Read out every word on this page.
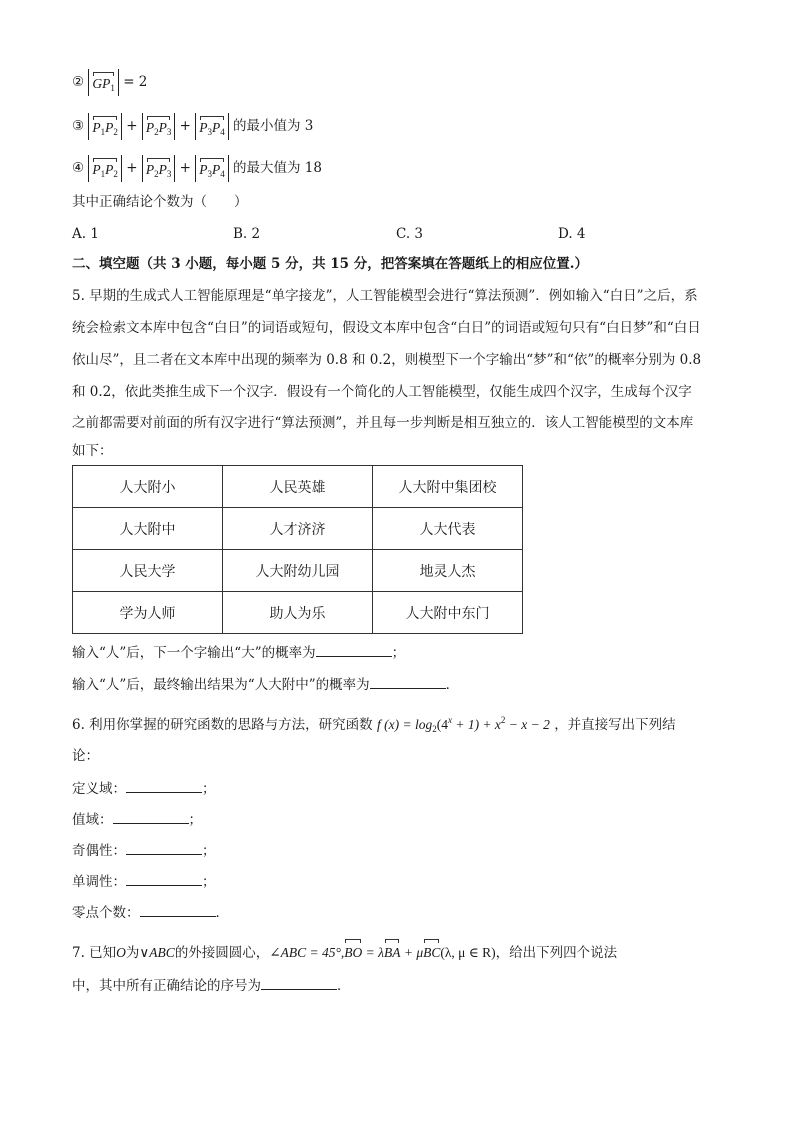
② $GP_1 = 2$
③ $P_1P_2 + P_2P_3 + P_3P_4$ 的最小值为 3
④ $P_1P_2 + P_2P_3 + P_3P_4$ 的最大值为 18
其中正确结论个数为（　　）
A. 1	B. 2	C. 3	D. 4
二、填空题（共 3 小题，每小题 5 分，共 15 分，把答案填在答题纸上的相应位置.）
5. 早期的生成式人工智能原理是“单字接龙”，人工智能模型会进行“算法预测”．例如输入“白日”之后，系
统会检索文本库中包含“白日”的词语或短句，假设文本库中包含“白日”的词语或短句只有“白日梦”和“白日
依山尽”，且二者在文本库中出现的频率为 0.8 和 0.2，则模型下一个字输出“梦”和“依”的概率分别为 0.8
和 0.2，依此类推生成下一个汉字．假设有一个简化的人工智能模型，仅能生成四个汉字，生成每个汉字
之前都需要对前面的所有汉字进行“算法预测”，并且每一步判断是相互独立的．该人工智能模型的文本库
如下：
人大附小	人民英雄	人大附中集团校
人大附中	人才济济	人大代表
人民大学	人大附幼儿园	地灵人杰
学为人师	助人为乐	人大附中东门
输入“人”后，下一个字输出“大”的概率为	；
输入“人”后，最终输出结果为“人大附中”的概率为	．
6. 利用你掌握的研究函数的思路与方法，研究函数 f $(x) = \log_2(4^x + 1) + x^2 - x - 2$ ，并直接写出下列结
论：
定义域：	；
值域：	；
奇偶性：	；
单调性：	；
零点个数：	．
7. 已知O为∨ABC的外接圆圆心，∠ABC = 45°,BO = λBA + μBC(λ, μ ∈ R)，给出下列四个说法
中，其中所有正确结论的序号为	．
